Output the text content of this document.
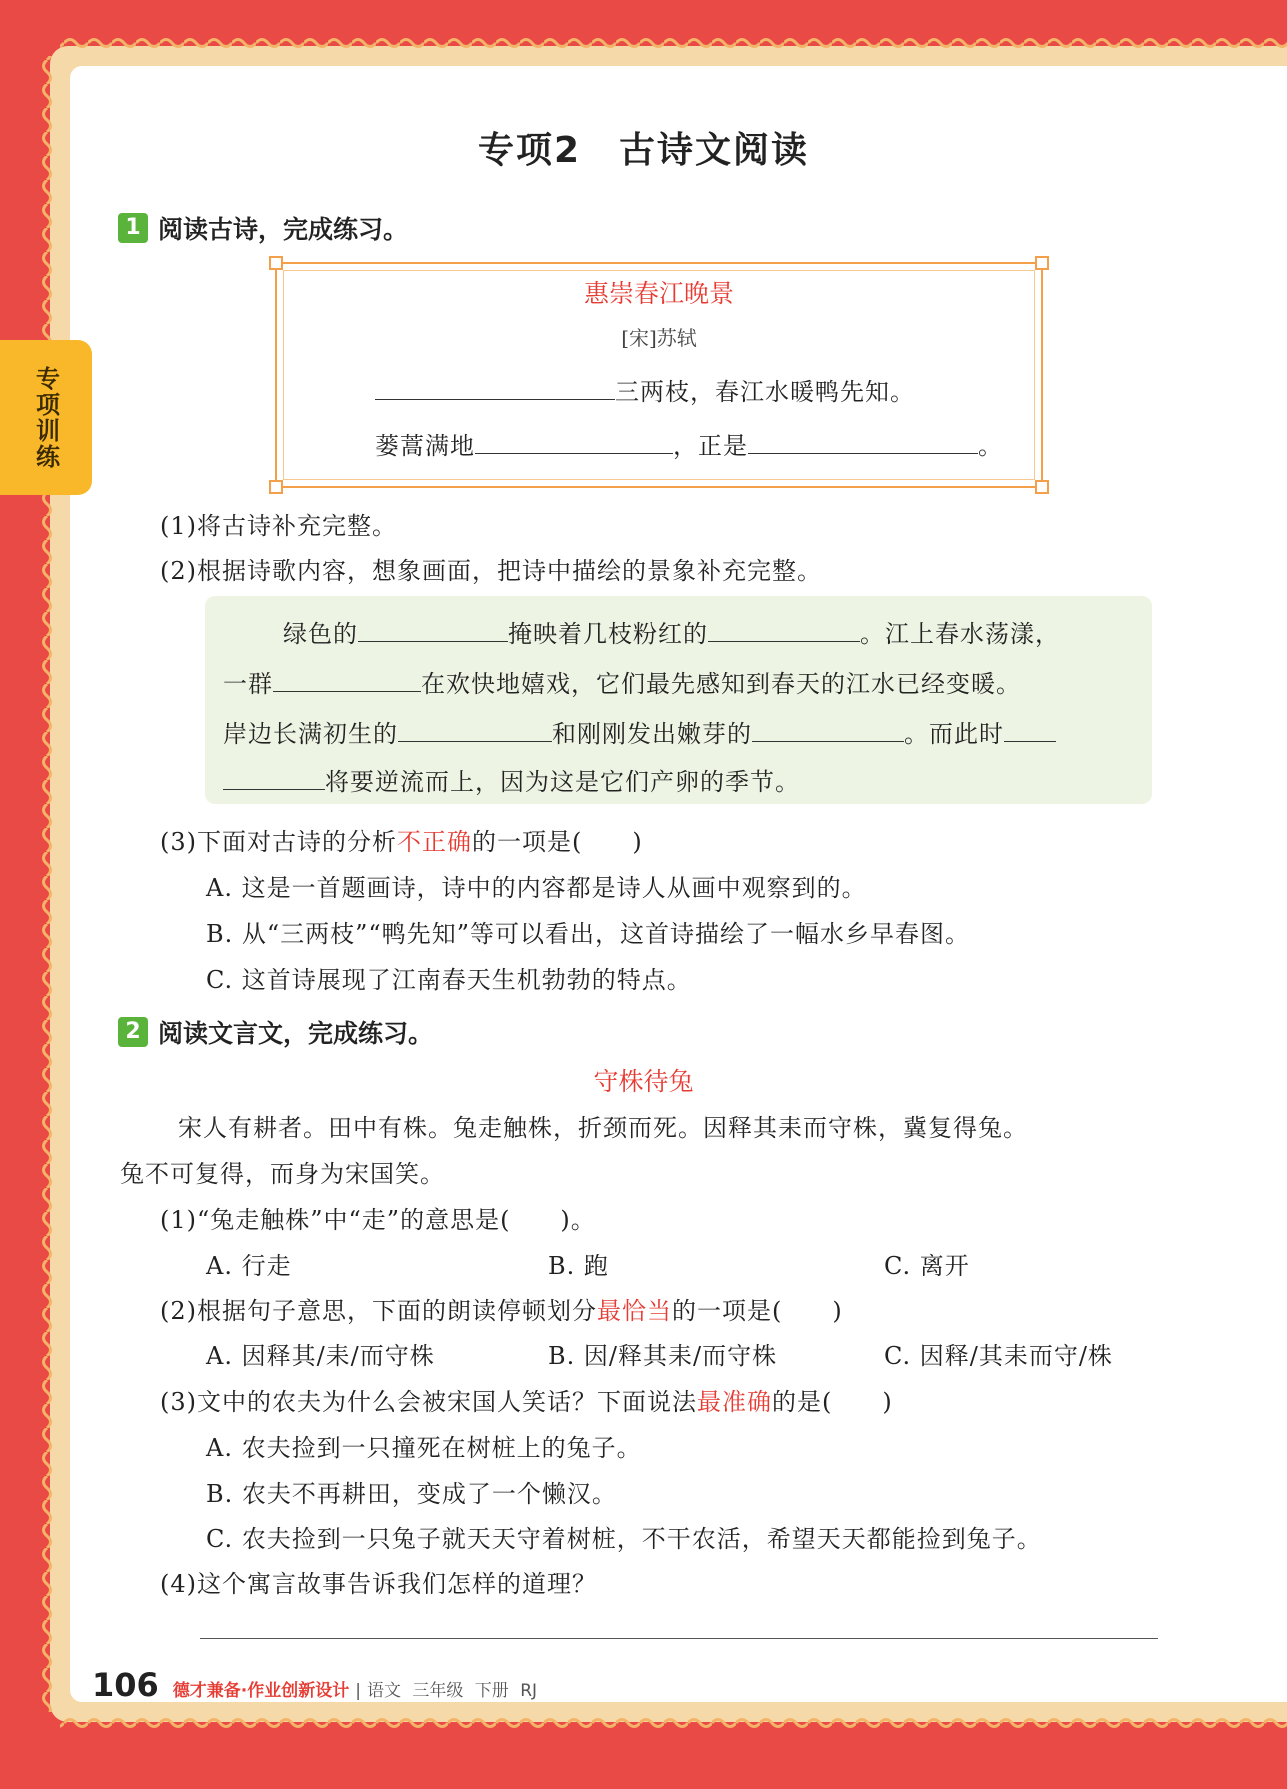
专项训练
专项2 古诗文阅读
1 阅读古诗，完成练习。
惠崇春江晚景
[宋]苏轼
三两枝，春江水暖鸭先知。
蒌蒿满地	，正是	。
(1)将古诗补充完整。
(2)根据诗歌内容，想象画面，把诗中描绘的景象补充完整。
绿色的	掩映着几枝粉红的	。江上春水荡漾，
一群	在欢快地嬉戏，它们最先感知到春天的江水已经变暖。
岸边长满初生的	和刚刚发出嫩芽的	。而此时
将要逆流而上，因为这是它们产卵的季节。
(3)下面对古诗的分析不正确的一项是(　　)
A. 这是一首题画诗，诗中的内容都是诗人从画中观察到的。
B. 从“三两枝”“鸭先知”等可以看出，这首诗描绘了一幅水乡早春图。
C. 这首诗展现了江南春天生机勃勃的特点。
2 阅读文言文，完成练习。
守株待兔
宋人有耕者。田中有株。兔走触株，折颈而死。因释其耒而守株，冀复得兔。
兔不可复得，而身为宋国笑。
(1)“兔走触株”中“走”的意思是(　　)。
A. 行走	B. 跑	C. 离开
(2)根据句子意思，下面的朗读停顿划分最恰当的一项是(　　)
A. 因释其/耒/而守株	B. 因/释其耒/而守株	C. 因释/其耒而守/株
(3)文中的农夫为什么会被宋国人笑话？下面说法最准确的是(　　)
A. 农夫捡到一只撞死在树桩上的兔子。
B. 农夫不再耕田，变成了一个懒汉。
C. 农夫捡到一只兔子就天天守着树桩，不干农活，希望天天都能捡到兔子。
(4)这个寓言故事告诉我们怎样的道理？
106 德才兼备·作业创新设计 | 语文 三年级 下册 RJ
